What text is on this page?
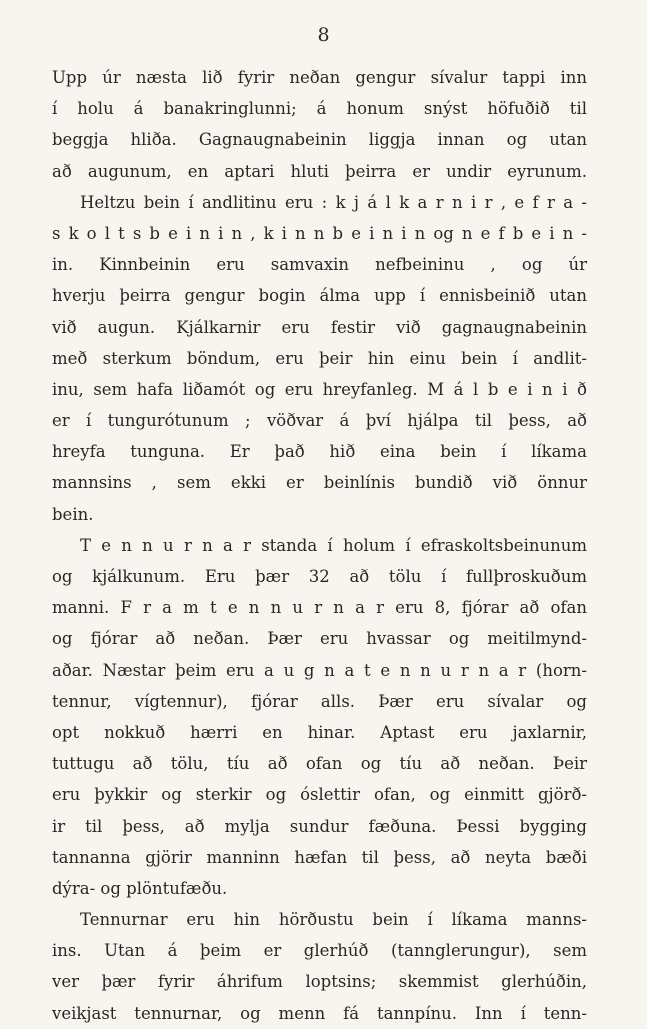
8
Upp úr næsta lið fyrir neðan gengur sívalur tappi inn
í holu á banakringlunni; á honum snýst höfuðið til
beggja hliða. Gagnaugnabeinin liggja innan og utan
að augunum, en aptari hluti þeirra er undir eyrunum.
Heltzu bein í andlitinu eru : k j á l k a r n i r , e f r a -
s k o l t s b e i n i n , k i n n b e i n i n og n e f b e i n -
in. Kinnbeinin eru samvaxin nefbeininu , og úr
hverju þeirra gengur bogin álma upp í ennisbeinið utan
við augun. Kjálkarnir eru festir við gagnaugnabeinin
með sterkum böndum, eru þeir hin einu bein í andlit-
inu, sem hafa liðamót og eru hreyfanleg. M á l b e i n i ð
er í tungurótunum ; vöðvar á því hjálpa til þess, að
hreyfa tunguna. Er það hið eina bein í líkama
mannsins , sem ekki er beinlínis bundið við önnur
bein.
T e n n u r n a r standa í holum í efraskoltsbeinunum
og kjálkunum. Eru þær 32 að tölu í fullþroskuðum
manni. F r a m t e n n u r n a r eru 8, fjórar að ofan
og fjórar að neðan. Þær eru hvassar og meitilmynd-
aðar. Næstar þeim eru a u g n a t e n n u r n a r (horn-
tennur, vígtennur), fjórar alls. Þær eru sívalar og
opt nokkuð hærri en hinar. Aptast eru jaxlarnir,
tuttugu að tölu, tíu að ofan og tíu að neðan. Þeir
eru þykkir og sterkir og óslettir ofan, og einmitt gjörð-
ir til þess, að mylja sundur fæðuna. Þessi bygging
tannanna gjörir manninn hæfan til þess, að neyta bæði
dýra- og plöntufæðu.
Tennurnar eru hin hörðustu bein í líkama manns-
ins. Utan á þeim er glerhúð (tannglerungur), sem
ver þær fyrir áhrifum loptsins; skemmist glerhúðin,
veikjast tennurnar, og menn fá tannpínu. Inn í tenn-
